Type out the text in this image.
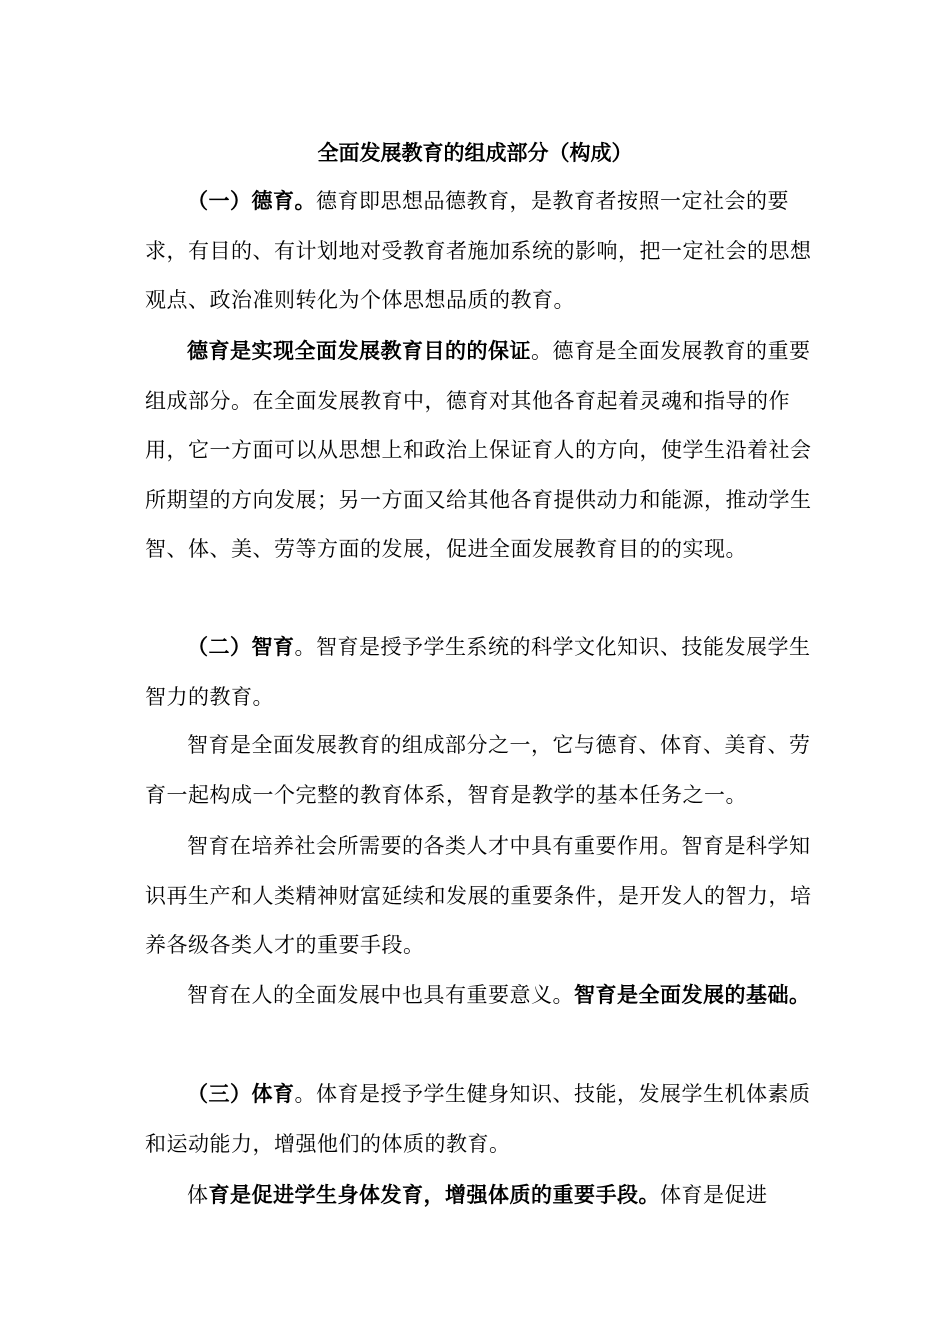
全面发展教育的组成部分（构成）

（一）德育。德育即思想品德教育，是教育者按照一定社会的要求，有目的、有计划地对受教育者施加系统的影响，把一定社会的思想观点、政治准则转化为个体思想品质的教育。

德育是实现全面发展教育目的的保证。德育是全面发展教育的重要组成部分。在全面发展教育中，德育对其他各育起着灵魂和指导的作用，它一方面可以从思想上和政治上保证育人的方向，使学生沿着社会所期望的方向发展；另一方面又给其他各育提供动力和能源，推动学生智、体、美、劳等方面的发展，促进全面发展教育目的的实现。

（二）智育。智育是授予学生系统的科学文化知识、技能发展学生智力的教育。

智育是全面发展教育的组成部分之一，它与德育、体育、美育、劳育一起构成一个完整的教育体系，智育是教学的基本任务之一。

智育在培养社会所需要的各类人才中具有重要作用。智育是科学知识再生产和人类精神财富延续和发展的重要条件，是开发人的智力，培养各级各类人才的重要手段。

智育在人的全面发展中也具有重要意义。智育是全面发展的基础。

（三）体育。体育是授予学生健身知识、技能，发展学生机体素质和运动能力，增强他们的体质的教育。

体育是促进学生身体发育，增强体质的重要手段。体育是促进
